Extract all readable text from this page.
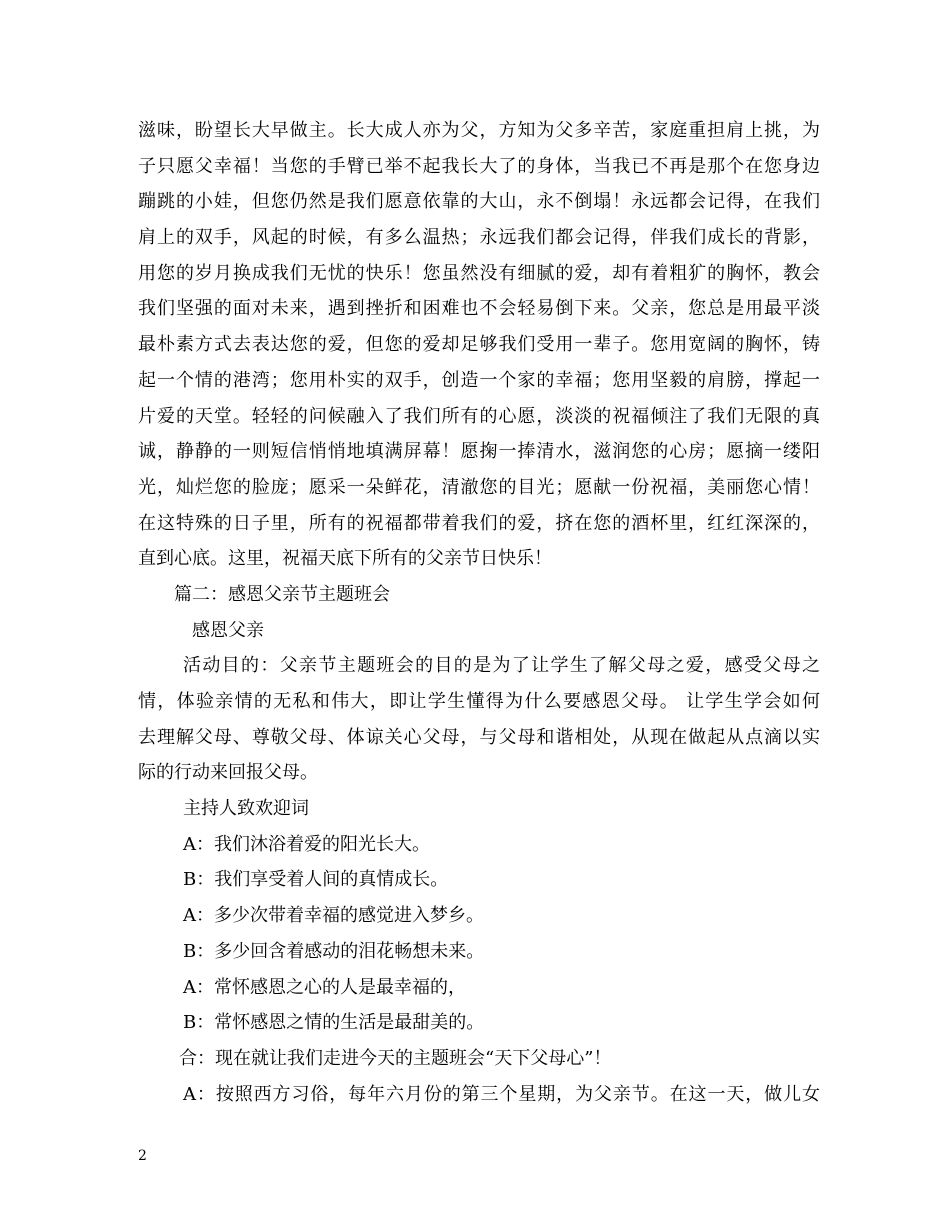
滋味，盼望长大早做主。长大成人亦为父，方知为父多辛苦，家庭重担肩上挑，为
子只愿父幸福！当您的手臂已举不起我长大了的身体，当我已不再是那个在您身边
蹦跳的小娃，但您仍然是我们愿意依靠的大山，永不倒塌！永远都会记得，在我们
肩上的双手，风起的时候，有多么温热；永远我们都会记得，伴我们成长的背影，
用您的岁月换成我们无忧的快乐！您虽然没有细腻的爱，却有着粗犷的胸怀，教会
我们坚强的面对未来，遇到挫折和困难也不会轻易倒下来。父亲，您总是用最平淡
最朴素方式去表达您的爱，但您的爱却足够我们受用一辈子。您用宽阔的胸怀，铸
起一个情的港湾；您用朴实的双手，创造一个家的幸福；您用坚毅的肩膀，撑起一
片爱的天堂。轻轻的问候融入了我们所有的心愿，淡淡的祝福倾注了我们无限的真
诚，静静的一则短信悄悄地填满屏幕！愿掬一捧清水，滋润您的心房；愿摘一缕阳
光，灿烂您的脸庞；愿采一朵鲜花，清澈您的目光；愿献一份祝福，美丽您心情！
在这特殊的日子里，所有的祝福都带着我们的爱，挤在您的酒杯里，红红深深的，
直到心底。这里，祝福天底下所有的父亲节日快乐！
篇二：感恩父亲节主题班会
感恩父亲
活动目的：父亲节主题班会的目的是为了让学生了解父母之爱，感受父母之
情，体验亲情的无私和伟大，即让学生懂得为什么要感恩父母。 让学生学会如何
去理解父母、尊敬父母、体谅关心父母，与父母和谐相处，从现在做起从点滴以实
际的行动来回报父母。
主持人致欢迎词
A：我们沐浴着爱的阳光长大。
B：我们享受着人间的真情成长。
A：多少次带着幸福的感觉进入梦乡。
B：多少回含着感动的泪花畅想未来。
A：常怀感恩之心的人是最幸福的，
B：常怀感恩之情的生活是最甜美的。
合：现在就让我们走进今天的主题班会“天下父母心”！
A：按照西方习俗，每年六月份的第三个星期，为父亲节。在这一天，做儿女
2
